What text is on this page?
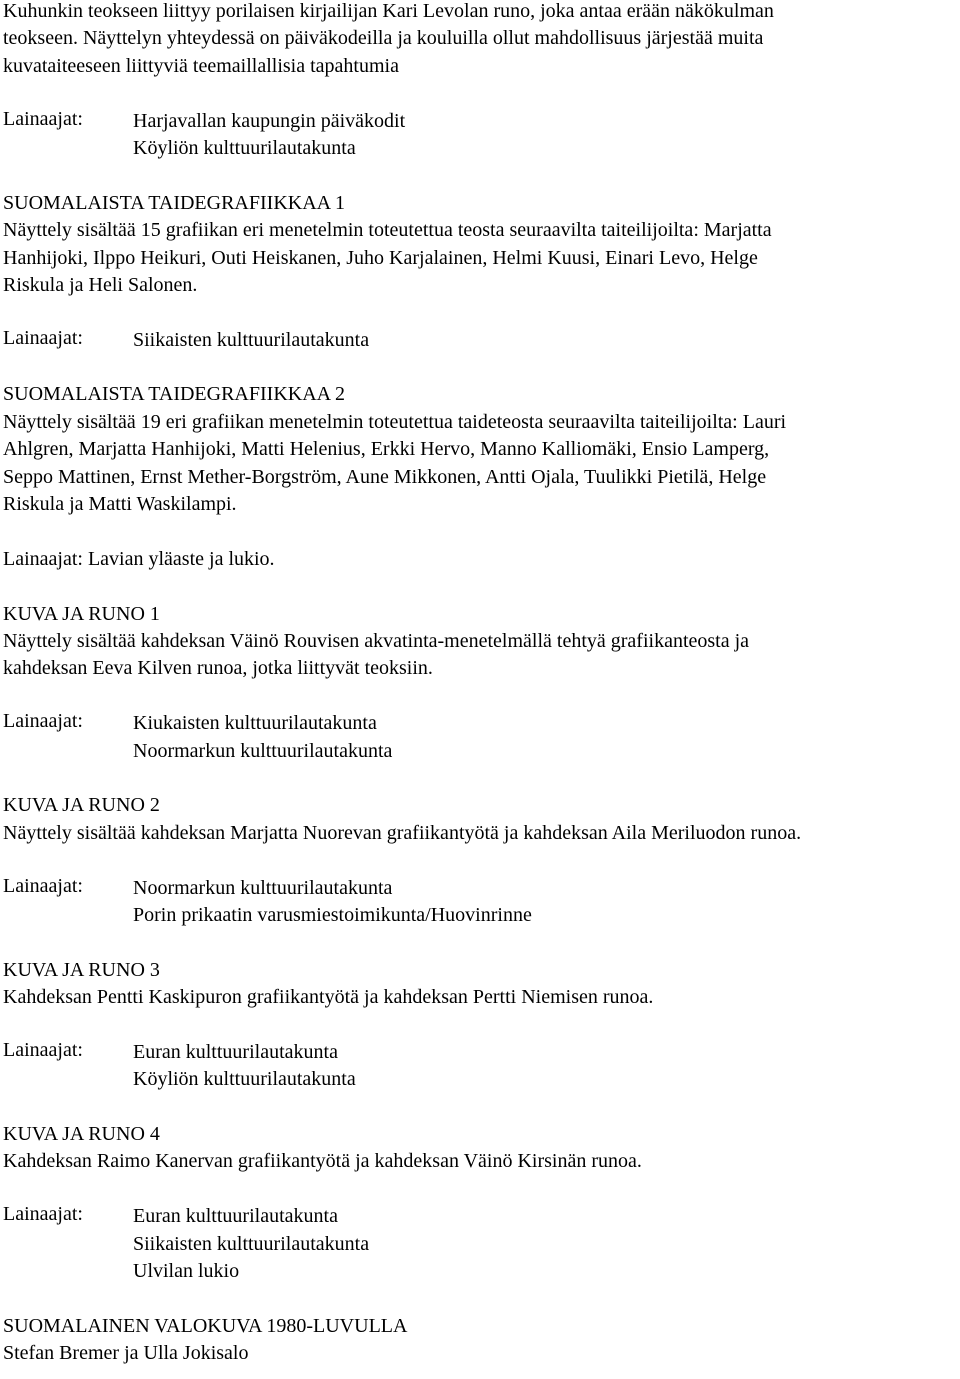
Kuhunkin teokseen liittyy porilaisen kirjailijan Kari Levolan runo, joka antaa erään näkökulman
teokseen. Näyttelyn yhteydessä on päiväkodeilla ja kouluilla ollut mahdollisuus järjestää muita
kuvataiteeseen liittyviä teemaillallisia tapahtumia
Lainaajat:	Harjavallan kaupungin päiväkodit
Köyliön kulttuurilautakunta
SUOMALAISTA TAIDEGRAFIIKKAA 1
Näyttely sisältää 15 grafiikan eri menetelmin toteutettua teosta seuraavilta taiteilijoilta: Marjatta
Hanhijoki, Ilppo Heikuri, Outi Heiskanen, Juho Karjalainen, Helmi Kuusi, Einari Levo, Helge
Riskula ja Heli Salonen.
Lainaajat:	Siikaisten kulttuurilautakunta
SUOMALAISTA TAIDEGRAFIIKKAA 2
Näyttely sisältää 19 eri grafiikan menetelmin toteutettua taideteosta seuraavilta taiteilijoilta: Lauri
Ahlgren, Marjatta Hanhijoki, Matti Helenius, Erkki Hervo, Manno Kalliomäki, Ensio Lamperg,
Seppo Mattinen, Ernst Mether-Borgström, Aune Mikkonen, Antti Ojala, Tuulikki Pietilä, Helge
Riskula ja Matti Waskilampi.
Lainaajat: Lavian yläaste ja lukio.
KUVA JA RUNO 1
Näyttely sisältää kahdeksan Väinö Rouvisen akvatinta-menetelmällä tehtyä grafiikanteosta ja
kahdeksan Eeva Kilven runoa, jotka liittyvät teoksiin.
Lainaajat:	Kiukaisten kulttuurilautakunta
Noormarkun kulttuurilautakunta
KUVA JA RUNO 2
Näyttely sisältää kahdeksan Marjatta Nuorevan grafiikantyötä ja kahdeksan Aila Meriluodon runoa.
Lainaajat:	Noormarkun kulttuurilautakunta
Porin prikaatin varusmiestoimikunta/Huovinrinne
KUVA JA RUNO 3
Kahdeksan Pentti Kaskipuron grafiikantyötä ja kahdeksan Pertti Niemisen runoa.
Lainaajat:	Euran kulttuurilautakunta
Köyliön kulttuurilautakunta
KUVA JA RUNO 4
Kahdeksan Raimo Kanervan grafiikantyötä ja kahdeksan Väinö Kirsinän runoa.
Lainaajat:	Euran kulttuurilautakunta
Siikaisten kulttuurilautakunta
Ulvilan lukio
SUOMALAINEN VALOKUVA 1980-LUVULLA
Stefan Bremer ja Ulla Jokisalo
